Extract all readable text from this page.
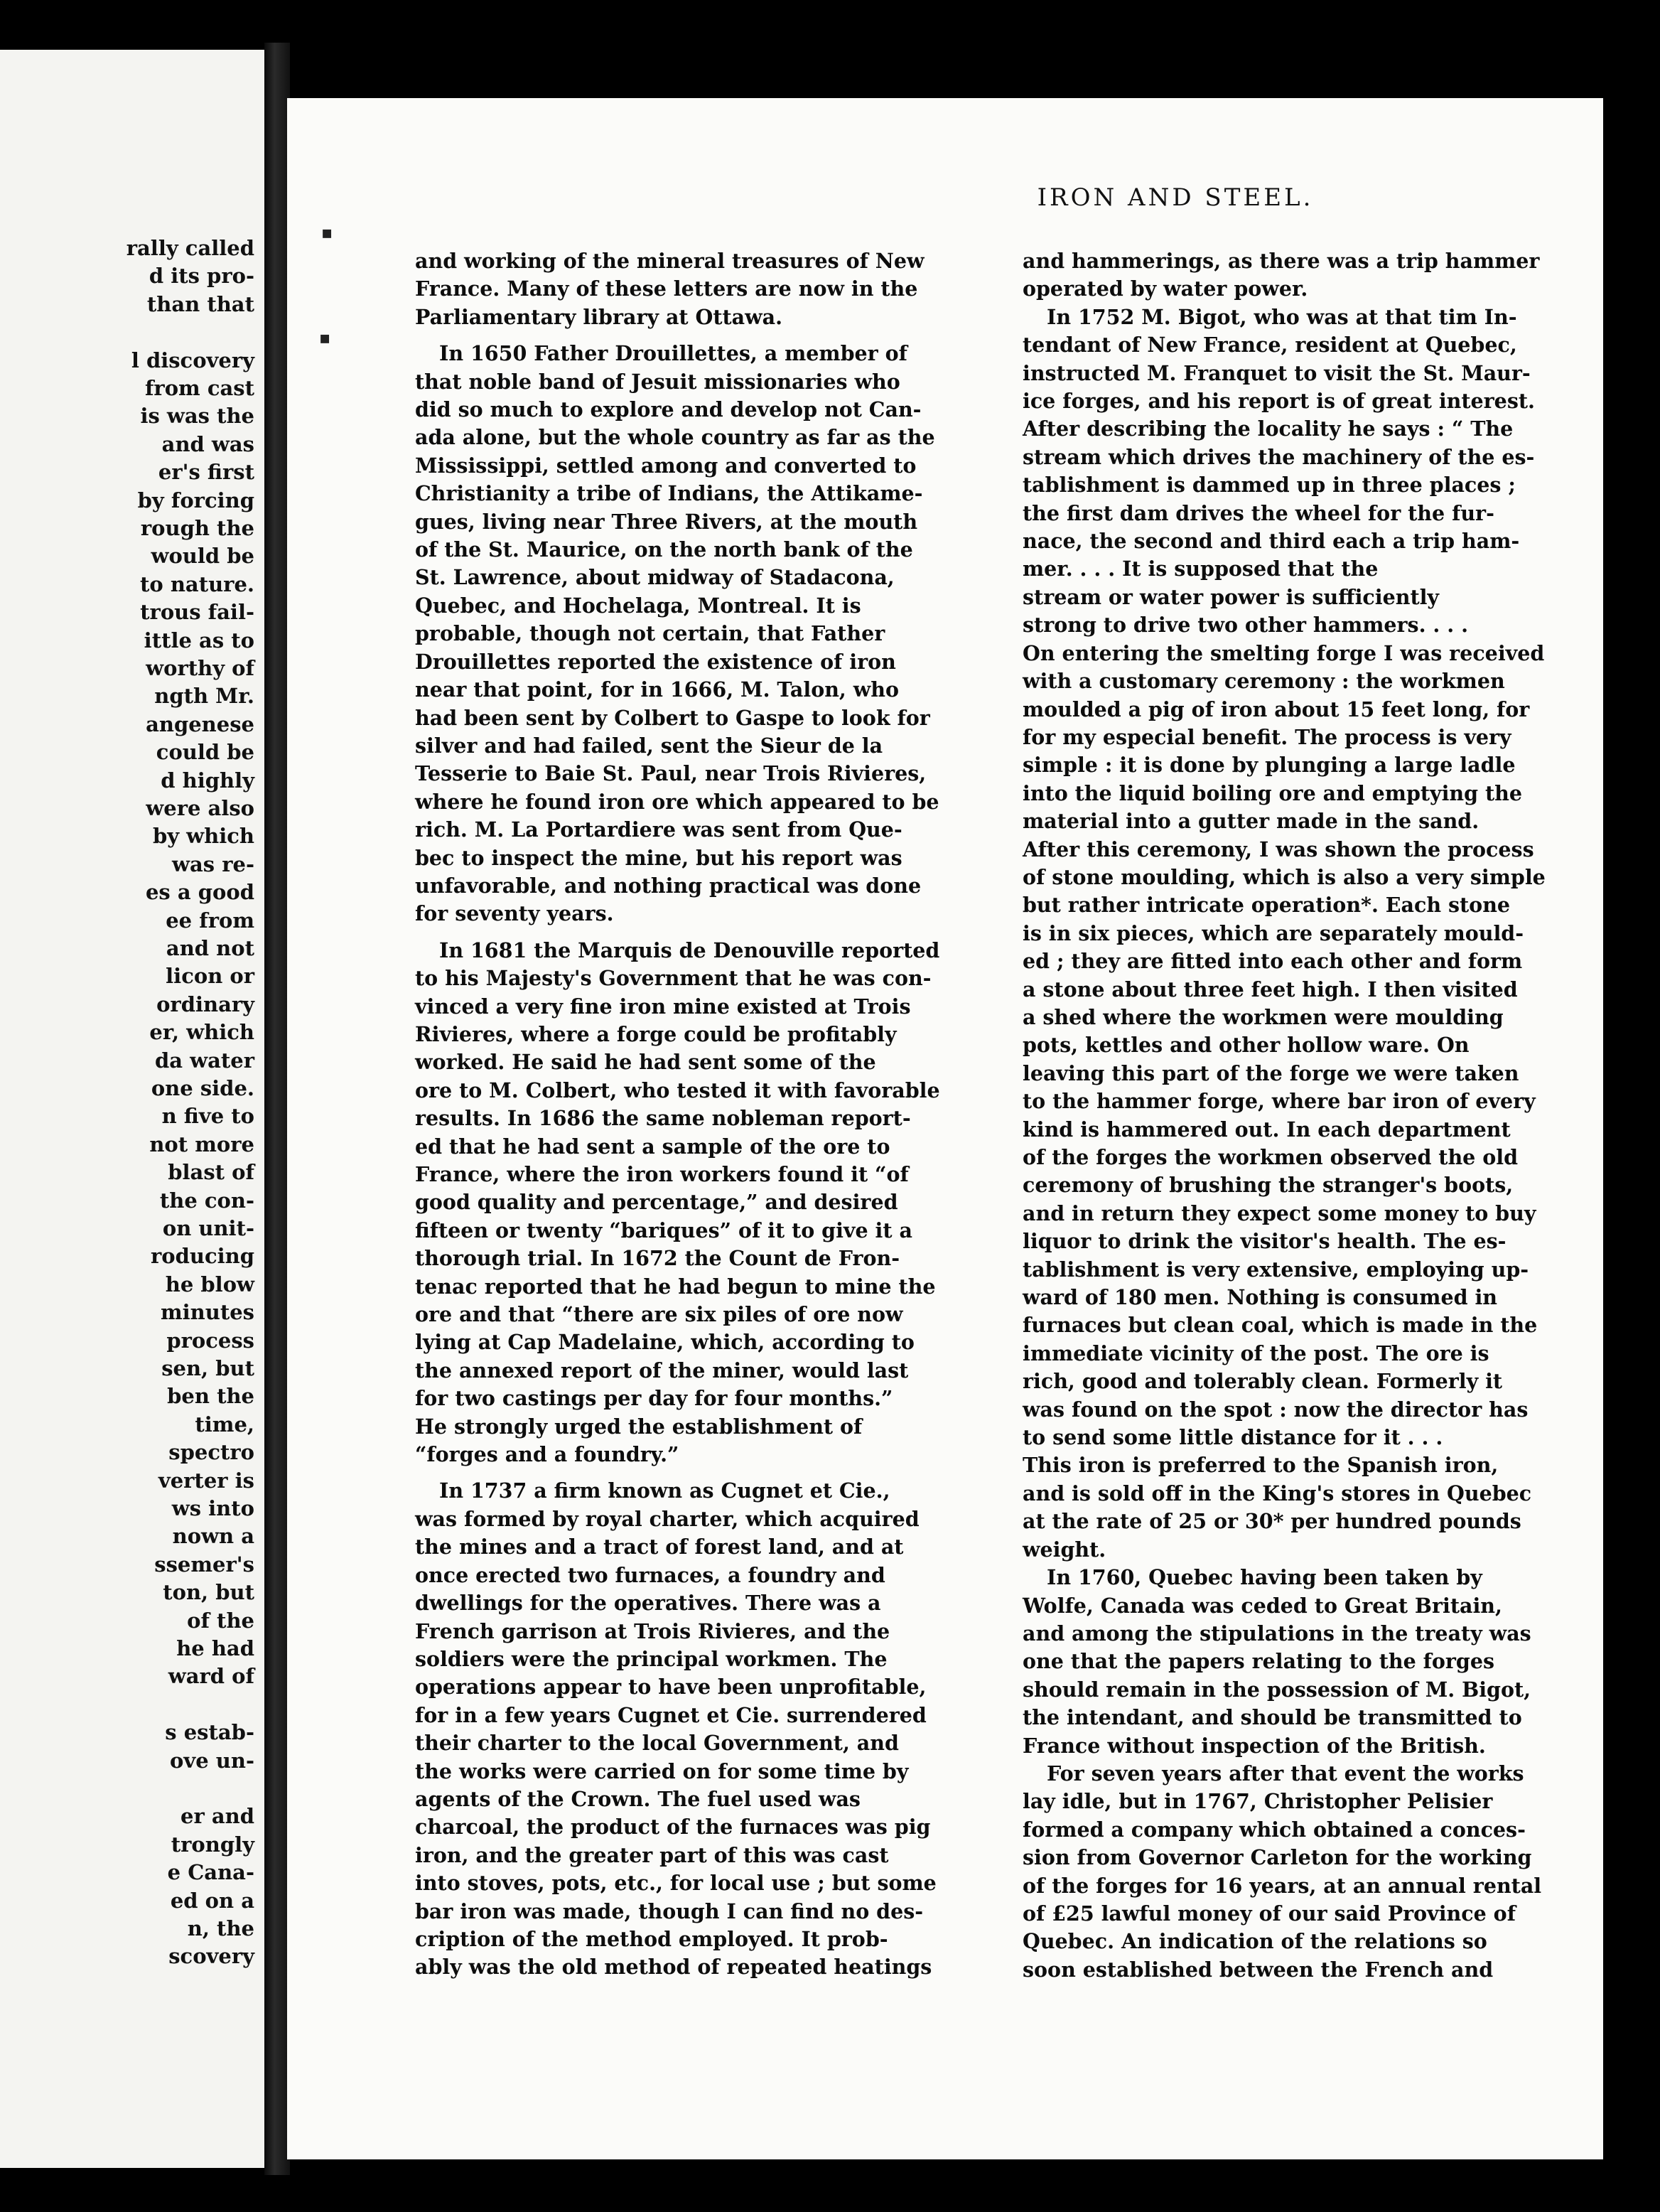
rally called
d its pro-
than that
l discovery
from cast
is was the
and was
er's first
by forcing
rough the
would be
to nature.
trous fail-
ittle as to
worthy of
ngth Mr.
angenese
could be
d highly
were also
by which
was re-
es a good
ee from
and not
licon or
ordinary
er, which
da water
one side.
n five to
not more
blast of
the con-
on unit-
roducing
he blow
minutes
process
sen, but
ben the
time,
spectro
verter is
ws into
nown a
ssemer's
ton, but
of the
he had
ward of
s estab-
ove un-
er and
trongly
e Cana-
ed on a
n, the
scovery
IRON AND STEEL.
▪
▪
and working of the mineral treasures of New
France. Many of these letters are now in the
Parliamentary library at Ottawa.
In 1650 Father Drouillettes, a member of
that noble band of Jesuit missionaries who
did so much to explore and develop not Can-
ada alone, but the whole country as far as the
Mississippi, settled among and converted to
Christianity a tribe of Indians, the Attikame-
gues, living near Three Rivers, at the mouth
of the St. Maurice, on the north bank of the
St. Lawrence, about midway of Stadacona,
Quebec, and Hochelaga, Montreal. It is
probable, though not certain, that Father
Drouillettes reported the existence of iron
near that point, for in 1666, M. Talon, who
had been sent by Colbert to Gaspe to look for
silver and had failed, sent the Sieur de la
Tesserie to Baie St. Paul, near Trois Rivieres,
where he found iron ore which appeared to be
rich. M. La Portardiere was sent from Que-
bec to inspect the mine, but his report was
unfavorable, and nothing practical was done
for seventy years.
In 1681 the Marquis de Denouville reported
to his Majesty's Government that he was con-
vinced a very fine iron mine existed at Trois
Rivieres, where a forge could be profitably
worked. He said he had sent some of the
ore to M. Colbert, who tested it with favorable
results. In 1686 the same nobleman report-
ed that he had sent a sample of the ore to
France, where the iron workers found it “of
good quality and percentage,” and desired
fifteen or twenty “bariques” of it to give it a
thorough trial. In 1672 the Count de Fron-
tenac reported that he had begun to mine the
ore and that “there are six piles of ore now
lying at Cap Madelaine, which, according to
the annexed report of the miner, would last
for two castings per day for four months.”
He strongly urged the establishment of
“forges and a foundry.”
In 1737 a firm known as Cugnet et Cie.,
was formed by royal charter, which acquired
the mines and a tract of forest land, and at
once erected two furnaces, a foundry and
dwellings for the operatives. There was a
French garrison at Trois Rivieres, and the
soldiers were the principal workmen. The
operations appear to have been unprofitable,
for in a few years Cugnet et Cie. surrendered
their charter to the local Government, and
the works were carried on for some time by
agents of the Crown. The fuel used was
charcoal, the product of the furnaces was pig
iron, and the greater part of this was cast
into stoves, pots, etc., for local use ; but some
bar iron was made, though I can find no des-
cription of the method employed. It prob-
ably was the old method of repeated heatings
and hammerings, as there was a trip hammer
operated by water power.
In 1752 M. Bigot, who was at that tim In-
tendant of New France, resident at Quebec,
instructed M. Franquet to visit the St. Maur-
ice forges, and his report is of great interest.
After describing the locality he says : “ The
stream which drives the machinery of the es-
tablishment is dammed up in three places ;
the first dam drives the wheel for the fur-
nace, the second and third each a trip ham-
mer. . . . It is supposed that the
stream or water power is sufficiently
strong to drive two other hammers. . . .
On entering the smelting forge I was received
with a customary ceremony : the workmen
moulded a pig of iron about 15 feet long, for
for my especial benefit. The process is very
simple : it is done by plunging a large ladle
into the liquid boiling ore and emptying the
material into a gutter made in the sand.
After this ceremony, I was shown the process
of stone moulding, which is also a very simple
but rather intricate operation*. Each stone
is in six pieces, which are separately mould-
ed ; they are fitted into each other and form
a stone about three feet high. I then visited
a shed where the workmen were moulding
pots, kettles and other hollow ware. On
leaving this part of the forge we were taken
to the hammer forge, where bar iron of every
kind is hammered out. In each department
of the forges the workmen observed the old
ceremony of brushing the stranger's boots,
and in return they expect some money to buy
liquor to drink the visitor's health. The es-
tablishment is very extensive, employing up-
ward of 180 men. Nothing is consumed in
furnaces but clean coal, which is made in the
immediate vicinity of the post. The ore is
rich, good and tolerably clean. Formerly it
was found on the spot : now the director has
to send some little distance for it . . .
This iron is preferred to the Spanish iron,
and is sold off in the King's stores in Quebec
at the rate of 25 or 30* per hundred pounds
weight.
In 1760, Quebec having been taken by
Wolfe, Canada was ceded to Great Britain,
and among the stipulations in the treaty was
one that the papers relating to the forges
should remain in the possession of M. Bigot,
the intendant, and should be transmitted to
France without inspection of the British.
For seven years after that event the works
lay idle, but in 1767, Christopher Pelisier
formed a company which obtained a conces-
sion from Governor Carleton for the working
of the forges for 16 years, at an annual rental
of £25 lawful money of our said Province of
Quebec. An indication of the relations so
soon established between the French and
